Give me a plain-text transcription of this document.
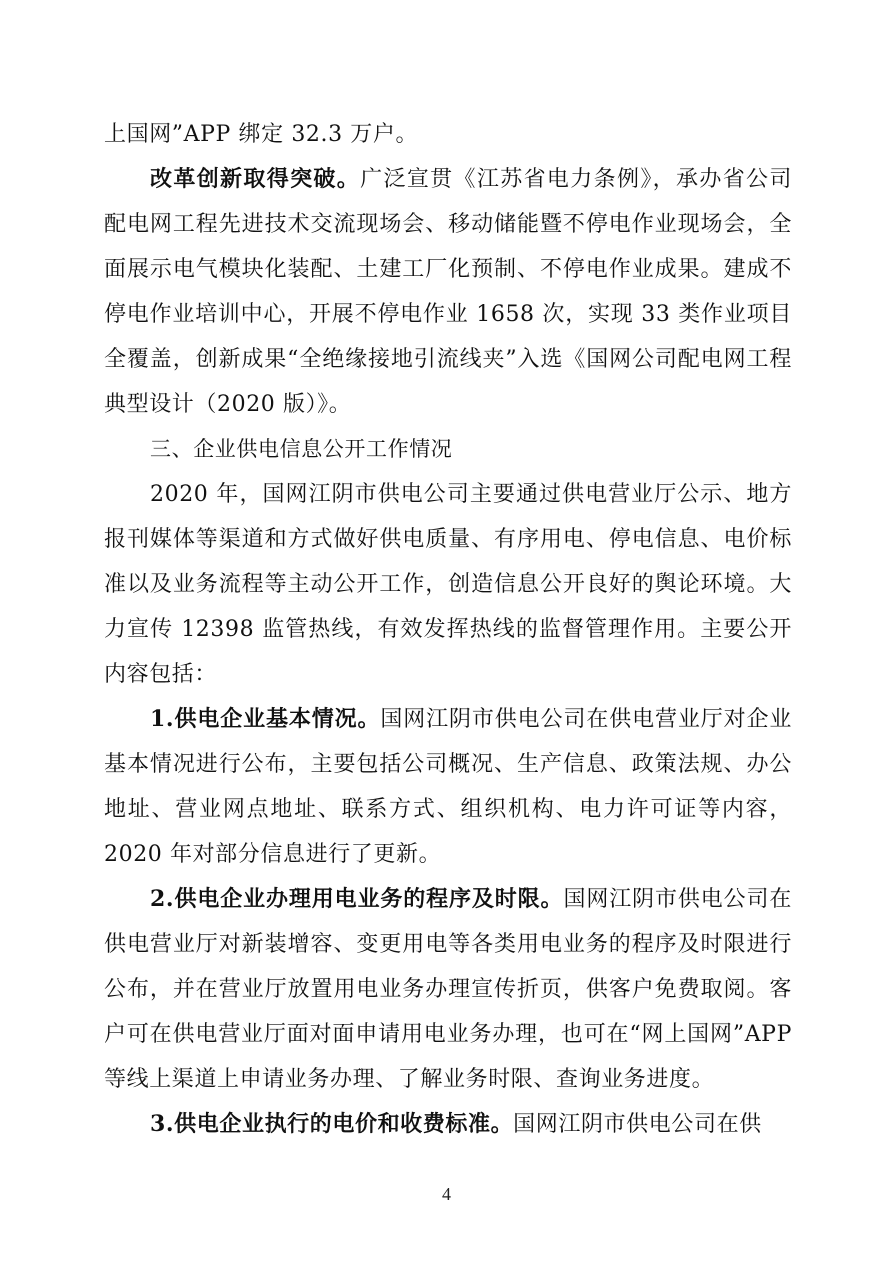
上国网”APP 绑定 32.3 万户。

改革创新取得突破。广泛宣贯《江苏省电力条例》，承办省公司配电网工程先进技术交流现场会、移动储能暨不停电作业现场会，全面展示电气模块化装配、土建工厂化预制、不停电作业成果。建成不停电作业培训中心，开展不停电作业 1658 次，实现 33 类作业项目全覆盖，创新成果“全绝缘接地引流线夹”入选《国网公司配电网工程典型设计（2020 版）》。

三、企业供电信息公开工作情况

2020 年，国网江阴市供电公司主要通过供电营业厅公示、地方报刊媒体等渠道和方式做好供电质量、有序用电、停电信息、电价标准以及业务流程等主动公开工作，创造信息公开良好的舆论环境。大力宣传 12398 监管热线，有效发挥热线的监督管理作用。主要公开内容包括：

1.供电企业基本情况。国网江阴市供电公司在供电营业厅对企业基本情况进行公布，主要包括公司概况、生产信息、政策法规、办公地址、营业网点地址、联系方式、组织机构、电力许可证等内容，2020 年对部分信息进行了更新。

2.供电企业办理用电业务的程序及时限。国网江阴市供电公司在供电营业厅对新装增容、变更用电等各类用电业务的程序及时限进行公布，并在营业厅放置用电业务办理宣传折页，供客户免费取阅。客户可在供电营业厅面对面申请用电业务办理，也可在“网上国网”APP 等线上渠道上申请业务办理、了解业务时限、查询业务进度。

3.供电企业执行的电价和收费标准。国网江阴市供电公司在供

4
